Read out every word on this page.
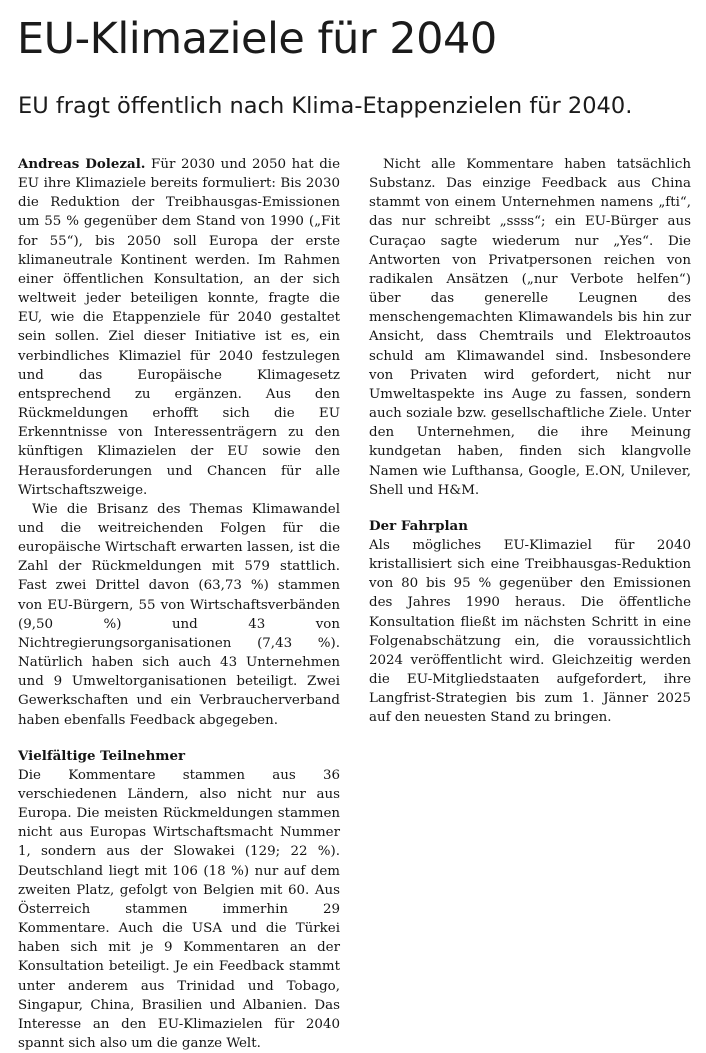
EU-Klimaziele für 2040
EU fragt öffentlich nach Klima-Etappenzielen für 2040.

Andreas Dolezal. Für 2030 und 2050 hat die EU ihre Klimaziele bereits formuliert: Bis 2030 die Reduktion der Treibhausgas-Emissionen um 55 % gegenüber dem Stand von 1990 („Fit for 55“), bis 2050 soll Europa der erste klimaneutrale Kontinent werden. Im Rahmen einer öffentlichen Konsultation, an der sich weltweit jeder beteiligen konnte, fragte die EU, wie die Etappenziele für 2040 gestaltet sein sollen. Ziel dieser Initiative ist es, ein verbindliches Klimaziel für 2040 festzulegen und das Europäische Klimagesetz entsprechend zu ergänzen. Aus den Rückmeldungen erhofft sich die EU Erkenntnisse von Interessenträgern zu den künftigen Klimazielen der EU sowie den Herausforderungen und Chancen für alle Wirtschaftszweige.

Wie die Brisanz des Themas Klimawandel und die weitreichenden Folgen für die europäische Wirtschaft erwarten lassen, ist die Zahl der Rückmeldungen mit 579 stattlich. Fast zwei Drittel davon (63,73 %) stammen von EU-Bürgern, 55 von Wirtschaftsverbänden (9,50 %) und 43 von Nichtregierungsorganisationen (7,43 %). Natürlich haben sich auch 43 Unternehmen und 9 Umweltorganisationen beteiligt. Zwei Gewerkschaften und ein Verbraucherverband haben ebenfalls Feedback abgegeben.

Vielfältige Teilnehmer

Die Kommentare stammen aus 36 verschiedenen Ländern, also nicht nur aus Europa. Die meisten Rückmeldungen stammen nicht aus Europas Wirtschaftsmacht Nummer 1, sondern aus der Slowakei (129; 22 %). Deutschland liegt mit 106 (18 %) nur auf dem zweiten Platz, gefolgt von Belgien mit 60. Aus Österreich stammen immerhin 29 Kommentare. Auch die USA und die Türkei haben sich mit je 9 Kommentaren an der Konsultation beteiligt. Je ein Feedback stammt unter anderem aus Trinidad und Tobago, Singapur, China, Brasilien und Albanien. Das Interesse an den EU-Klimazielen für 2040 spannt sich also um die ganze Welt.

Nicht alle Kommentare haben tatsächlich Substanz. Das einzige Feedback aus China stammt von einem Unternehmen namens „fti“, das nur schreibt „ssss“; ein EU-Bürger aus Curaçao sagte wiederum nur „Yes“. Die Antworten von Privatpersonen reichen von radikalen Ansätzen („nur Verbote helfen“) über das generelle Leugnen des menschengemachten Klimawandels bis hin zur Ansicht, dass Chemtrails und Elektroautos schuld am Klimawandel sind. Insbesondere von Privaten wird gefordert, nicht nur Umweltaspekte ins Auge zu fassen, sondern auch soziale bzw. gesellschaftliche Ziele. Unter den Unternehmen, die ihre Meinung kundgetan haben, finden sich klangvolle Namen wie Lufthansa, Google, E.ON, Unilever, Shell und H&M.

Der Fahrplan

Als mögliches EU-Klimaziel für 2040 kristallisiert sich eine Treibhausgas-Reduktion von 80 bis 95 % gegenüber den Emissionen des Jahres 1990 heraus. Die öffentliche Konsultation fließt im nächsten Schritt in eine Folgenabschätzung ein, die voraussichtlich 2024 veröffentlicht wird. Gleichzeitig werden die EU-Mitgliedstaaten aufgefordert, ihre Langfrist-Strategien bis zum 1. Jänner 2025 auf den neuesten Stand zu bringen.
